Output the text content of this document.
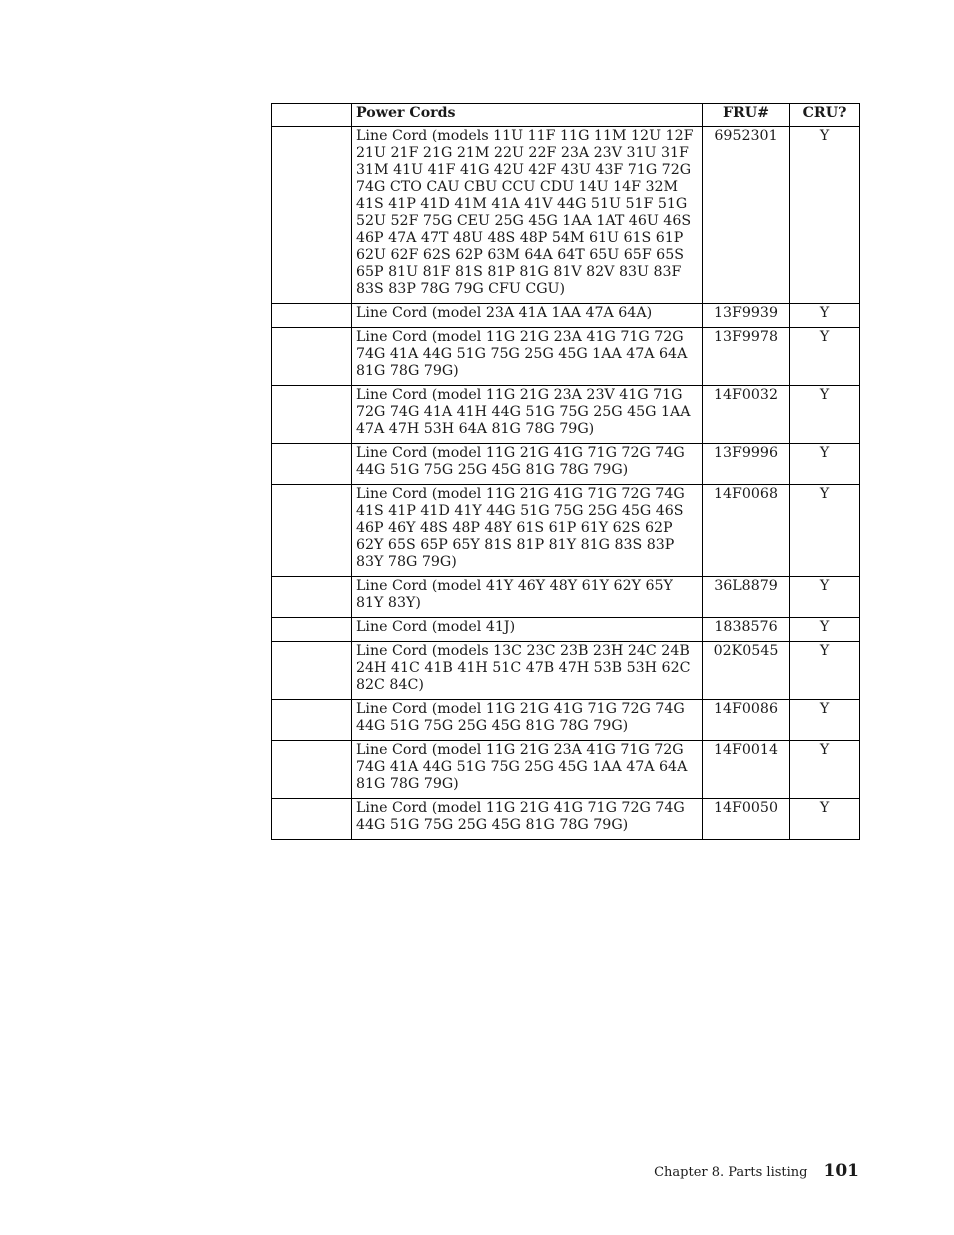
	Power Cords	FRU#	CRU?
	Line Cord (models 11U 11F 11G 11M 12U 12F 21U 21F 21G 21M 22U 22F 23A 23V 31U 31F 31M 41U 41F 41G 42U 42F 43U 43F 71G 72G 74G CTO CAU CBU CCU CDU 14U 14F 32M 41S 41P 41D 41M 41A 41V 44G 51U 51F 51G 52U 52F 75G CEU 25G 45G 1AA 1AT 46U 46S 46P 47A 47T 48U 48S 48P 54M 61U 61S 61P 62U 62F 62S 62P 63M 64A 64T 65U 65F 65S 65P 81U 81F 81S 81P 81G 81V 82V 83U 83F 83S 83P 78G 79G CFU CGU)	6952301	Y
	Line Cord (model 23A 41A 1AA 47A 64A)	13F9939	Y
	Line Cord (model 11G 21G 23A 41G 71G 72G 74G 41A 44G 51G 75G 25G 45G 1AA 47A 64A 81G 78G 79G)	13F9978	Y
	Line Cord (model 11G 21G 23A 23V 41G 71G 72G 74G 41A 41H 44G 51G 75G 25G 45G 1AA 47A 47H 53H 64A 81G 78G 79G)	14F0032	Y
	Line Cord (model 11G 21G 41G 71G 72G 74G 44G 51G 75G 25G 45G 81G 78G 79G)	13F9996	Y
	Line Cord (model 11G 21G 41G 71G 72G 74G 41S 41P 41D 41Y 44G 51G 75G 25G 45G 46S 46P 46Y 48S 48P 48Y 61S 61P 61Y 62S 62P 62Y 65S 65P 65Y 81S 81P 81Y 81G 83S 83P 83Y 78G 79G)	14F0068	Y
	Line Cord (model 41Y 46Y 48Y 61Y 62Y 65Y 81Y 83Y)	36L8879	Y
	Line Cord (model 41J)	1838576	Y
	Line Cord (models 13C 23C 23B 23H 24C 24B 24H 41C 41B 41H 51C 47B 47H 53B 53H 62C 82C 84C)	02K0545	Y
	Line Cord (model 11G 21G 41G 71G 72G 74G 44G 51G 75G 25G 45G 81G 78G 79G)	14F0086	Y
	Line Cord (model 11G 21G 23A 41G 71G 72G 74G 41A 44G 51G 75G 25G 45G 1AA 47A 64A 81G 78G 79G)	14F0014	Y
	Line Cord (model 11G 21G 41G 71G 72G 74G 44G 51G 75G 25G 45G 81G 78G 79G)	14F0050	Y
Chapter 8. Parts listing 101
